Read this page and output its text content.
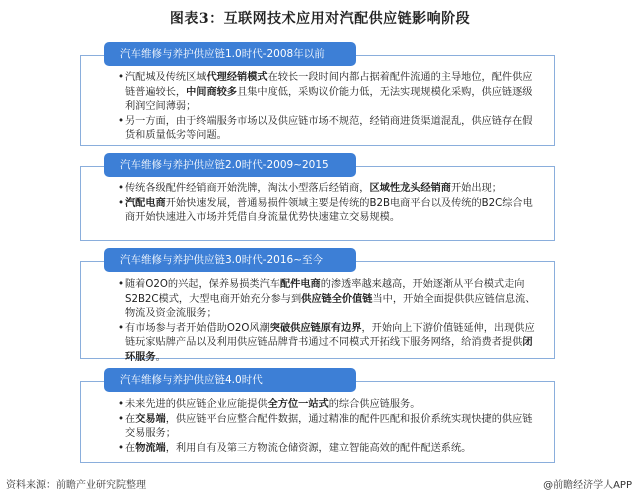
图表3：互联网技术应用对汽配供应链影响阶段
汽车维修与养护供应链1.0时代-2008年以前
• 汽配城及传统区域代理经销模式在较长一段时间内都占据着配件流通的主导地位，配件供应链普遍较长，中间商较多且集中度低，采购议价能力低，无法实现规模化采购，供应链逐级利润空间薄弱；
• 另一方面，由于终端服务市场以及供应链市场不规范，经销商进货渠道混乱，供应链存在假货和质量低劣等问题。
汽车维修与养护供应链2.0时代-2009~2015
• 传统各级配件经销商开始洗牌，淘汰小型落后经销商，区域性龙头经销商开始出现；
• 汽配电商开始快速发展，普通易损件领域主要是传统的B2B电商平台以及传统的B2C综合电商开始快速进入市场并凭借自身流量优势快速建立交易规模。
汽车维修与养护供应链3.0时代-2016~至今
• 随着O2O的兴起，保养易损类汽车配件电商的渗透率越来越高，开始逐渐从平台模式走向S2B2C模式，大型电商开始充分参与到供应链全价值链当中，开始全面提供供应链信息流、物流及资金流服务；
• 有市场参与者开始借助O2O风潮突破供应链原有边界，开始向上下游价值链延伸，出现供应链玩家贴牌产品以及利用供应链品牌背书通过不同模式开拓线下服务网络，给消费者提供闭环服务。
汽车维修与养护供应链4.0时代
• 未来先进的供应链企业应能提供全方位一站式的综合供应链服务。
• 在交易端，供应链平台应整合配件数据，通过精准的配件匹配和报价系统实现快捷的供应链交易服务；
• 在物流端，利用自有及第三方物流仓储资源，建立智能高效的配件配送系统。
资料来源：前瞻产业研究院整理	@前瞻经济学人APP
